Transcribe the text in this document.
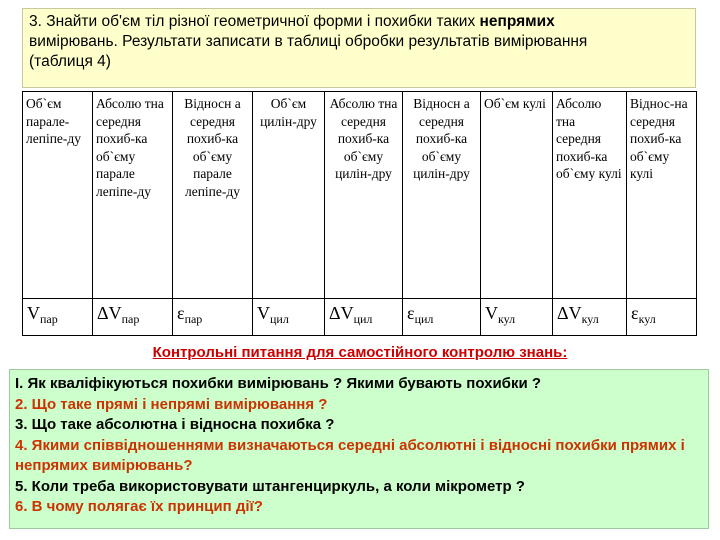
3. Знайти об'єм тіл різної геометричної форми і похибки таких непрямих
вимірювань. Результати записати в таблиці обробки результатів вимірювання
(таблиця 4)
Об`єм парале-лепіпе-ду	Абсолю тна середня похиб-ка об`єму парале лепіпе-ду	Відносн а середня похиб-ка об`єму парале лепіпе-ду	Об`єм цилін-дру	Абсолю тна середня похиб-ка об`єму цилін-дру	Відносн а середня похиб-ка об`єму цилін-дру	Об`єм кулі	Абсолю тна середня похиб-ка об`єму кулі	Віднос-на середня похиб-ка об`єму кулі
$V_{пар}$	$\Delta V_{пар}$	$\varepsilon_{пар}$	$V_{цил}$	$\Delta V_{цил}$	$\varepsilon_{цил}$	$V_{кул}$	$\Delta V_{кул}$	$\varepsilon_{кул}$
Контрольні питання для самостійного контролю знань:
I. Як кваліфікуються похибки вимірювань ? Якими бувають похибки ?
2. Що таке прямі і непрямі вимірювання ?
3. Що таке абсолютна і відносна похибка ?
4. Якими співвідношеннями визначаються середні абсолютні і відносні похибки прямих і непрямих вимірювань?
5. Коли треба використовувати штангенциркуль, а коли мікрометр ?
6. В чому полягає їх принцип дії?
